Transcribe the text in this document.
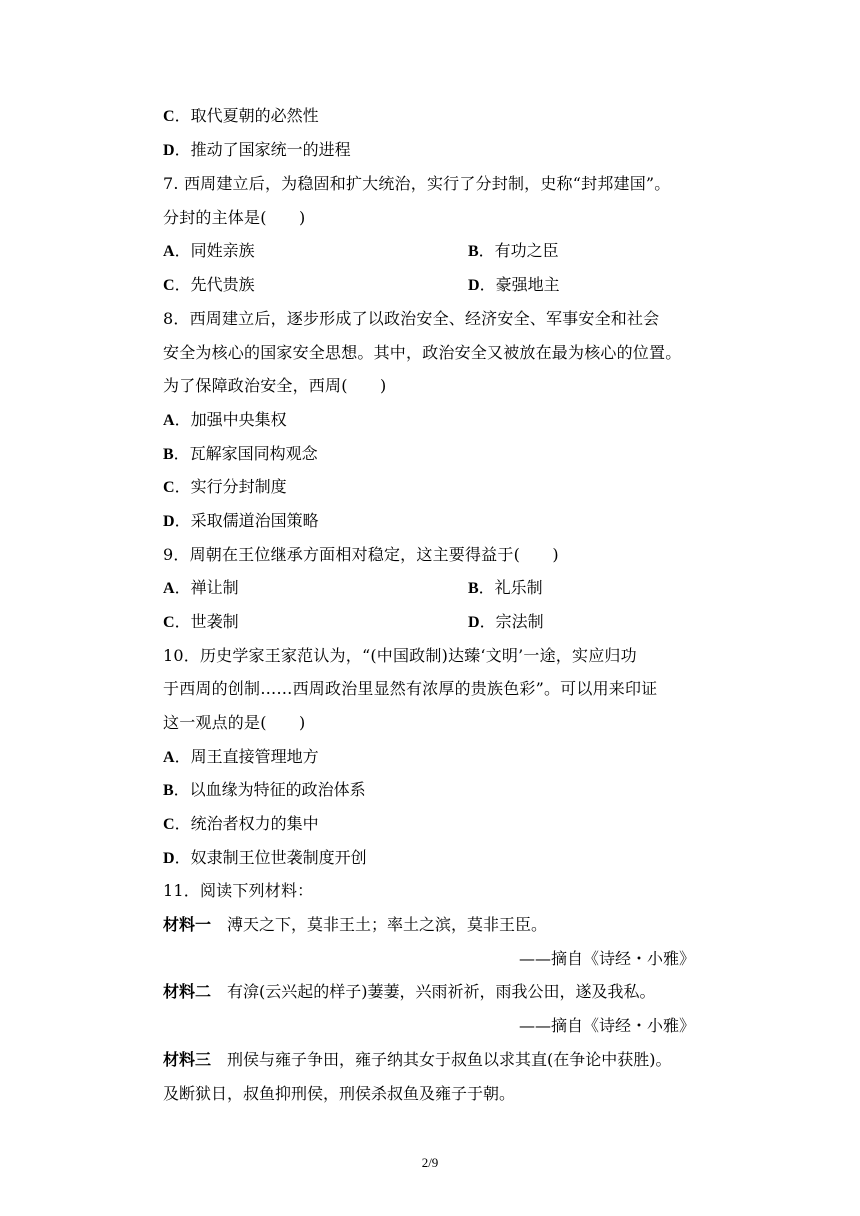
C．取代夏朝的必然性
D．推动了国家统一的进程
7. 西周建立后，为稳固和扩大统治，实行了分封制，史称“封邦建国”。
分封的主体是(　　)
A．同姓亲族	B．有功之臣
C．先代贵族	D．豪强地主
8．西周建立后，逐步形成了以政治安全、经济安全、军事安全和社会
安全为核心的国家安全思想。其中，政治安全又被放在最为核心的位置。
为了保障政治安全，西周(　　)
A．加强中央集权
B．瓦解家国同构观念
C．实行分封制度
D．采取儒道治国策略
9．周朝在王位继承方面相对稳定，这主要得益于(　　)
A．禅让制	B．礼乐制
C．世袭制	D．宗法制
10．历史学家王家范认为，“(中国政制)达臻‘文明’一途，实应归功
于西周的创制……西周政治里显然有浓厚的贵族色彩”。可以用来印证
这一观点的是(　　)
A．周王直接管理地方
B．以血缘为特征的政治体系
C．统治者权力的集中
D．奴隶制王位世袭制度开创
11．阅读下列材料：
材料一　溥天之下，莫非王土；率土之滨，莫非王臣。
——摘自《诗经・小雅》
材料二　有渰(云兴起的样子)萋萋，兴雨祈祈，雨我公田，遂及我私。
——摘自《诗经・小雅》
材料三　刑侯与雍子争田，雍子纳其女于叔鱼以求其直(在争论中获胜)。
及断狱日，叔鱼抑刑侯，刑侯杀叔鱼及雍子于朝。
2/9
